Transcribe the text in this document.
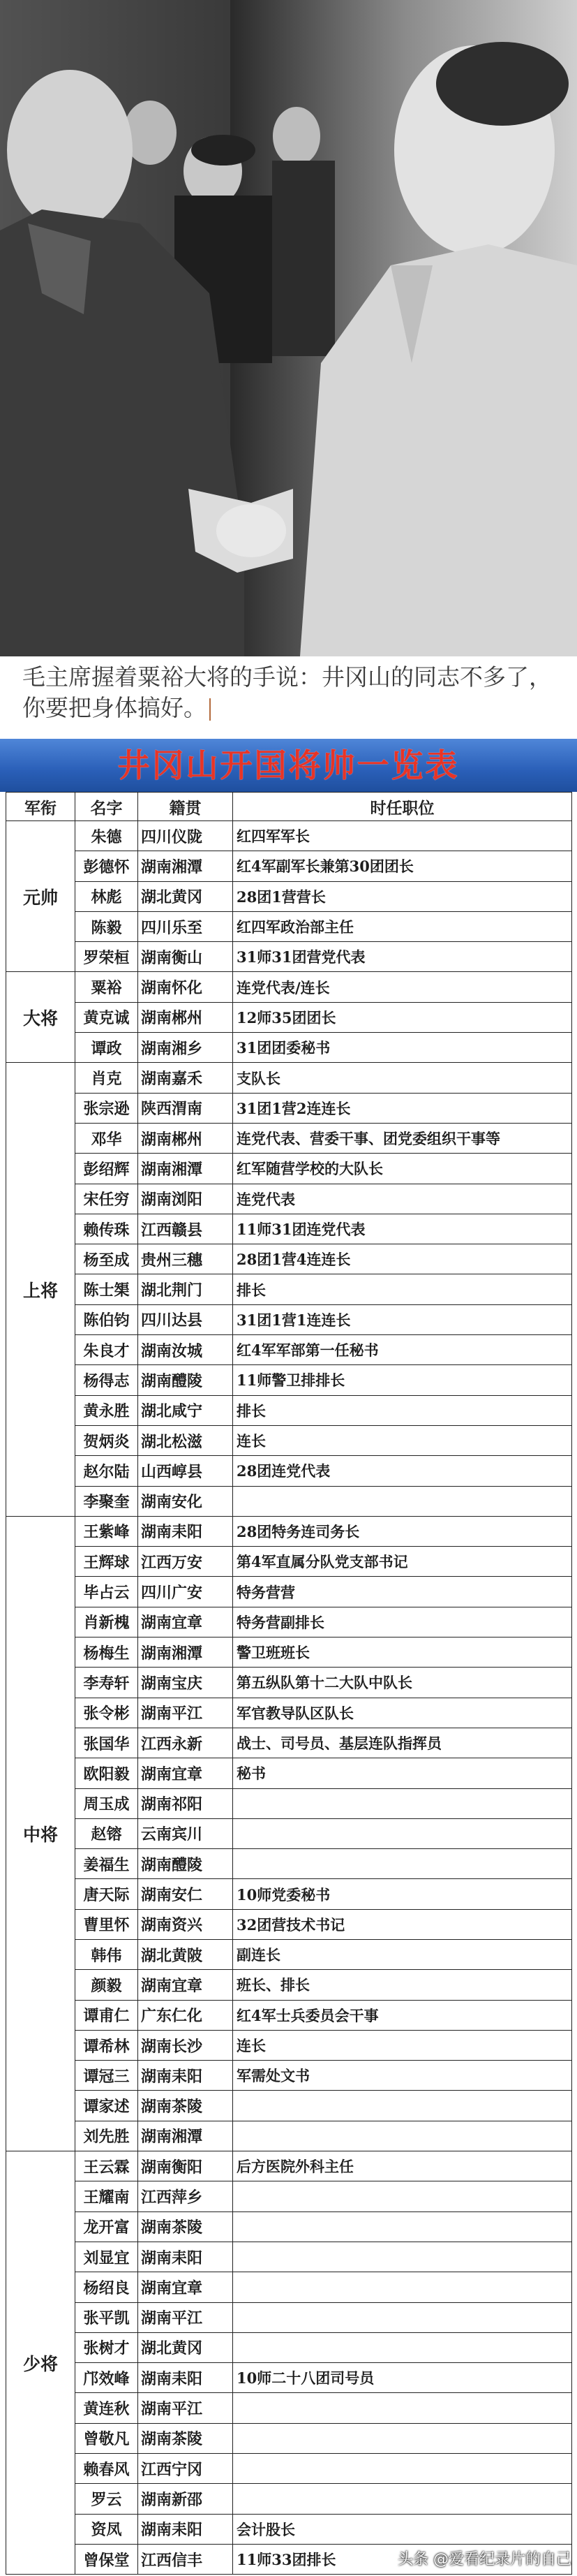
毛主席握着粟裕大将的手说：井冈山的同志不多了，你要把身体搞好。
井冈山开国将帅一览表
军衔	名字	籍贯	时任职位
元帅	朱德	四川仪陇	红四军军长
	彭德怀	湖南湘潭	红4军副军长兼第30团团长
	林彪	湖北黄冈	28团1营营长
	陈毅	四川乐至	红四军政治部主任
	罗荣桓	湖南衡山	31师31团营党代表
大将	粟裕	湖南怀化	连党代表/连长
	黄克诚	湖南郴州	12师35团团长
	谭政	湖南湘乡	31团团委秘书
上将	肖克	湖南嘉禾	支队长
	张宗逊	陕西渭南	31团1营2连连长
	邓华	湖南郴州	连党代表、营委干事、团党委组织干事等
	彭绍辉	湖南湘潭	红军随营学校的大队长
	宋任穷	湖南浏阳	连党代表
	赖传珠	江西赣县	11师31团连党代表
	杨至成	贵州三穗	28团1营4连连长
	陈士榘	湖北荆门	排长
	陈伯钧	四川达县	31团1营1连连长
	朱良才	湖南汝城	红4军军部第一任秘书
	杨得志	湖南醴陵	11师警卫排排长
	黄永胜	湖北咸宁	排长
	贺炳炎	湖北松滋	连长
	赵尔陆	山西崞县	28团连党代表
	李聚奎	湖南安化	
中将	王紫峰	湖南耒阳	28团特务连司务长
	王辉球	江西万安	第4军直属分队党支部书记
	毕占云	四川广安	特务营营
	肖新槐	湖南宜章	特务营副排长
	杨梅生	湖南湘潭	警卫班班长
	李寿轩	湖南宝庆	第五纵队第十二大队中队长
	张令彬	湖南平江	军官教导队区队长
	张国华	江西永新	战士、司号员、基层连队指挥员
	欧阳毅	湖南宜章	秘书
	周玉成	湖南祁阳	
	赵镕	云南宾川	
	姜福生	湖南醴陵	
	唐天际	湖南安仁	10师党委秘书
	曹里怀	湖南资兴	32团营技术书记
	韩伟	湖北黄陂	副连长
	颜毅	湖南宜章	班长、排长
	谭甫仁	广东仁化	红4军士兵委员会干事
	谭希林	湖南长沙	连长
	谭冠三	湖南耒阳	军需处文书
	谭家述	湖南茶陵	
	刘先胜	湖南湘潭	
少将	王云霖	湖南衡阳	后方医院外科主任
	王耀南	江西萍乡	
	龙开富	湖南茶陵	
	刘显宜	湖南耒阳	
	杨绍良	湖南宜章	
	张平凯	湖南平江	
	张树才	湖北黄冈	
	邝效峰	湖南耒阳	10师二十八团司号员
	黄连秋	湖南平江	
	曾敬凡	湖南茶陵	
	赖春风	江西宁冈	
	罗云	湖南新邵	
	资凤	湖南耒阳	会计股长
	曾保堂	江西信丰	11师33团排长	头条 @爱看纪录片的自己
